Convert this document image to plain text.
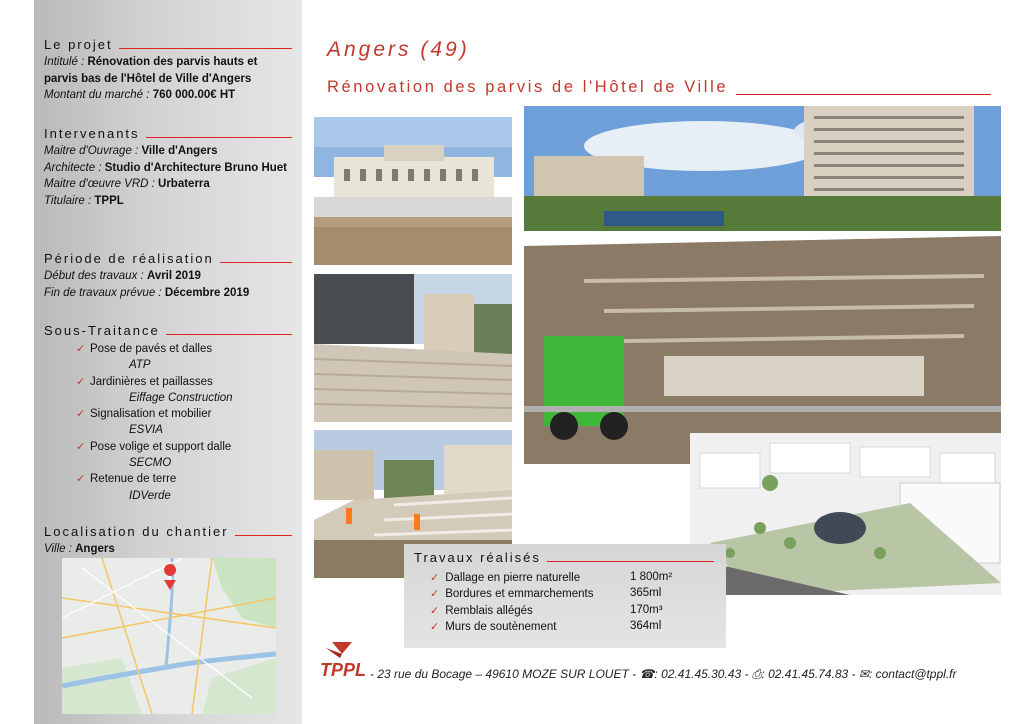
Le projet
Intitulé : Rénovation des parvis hauts et parvis bas de l'Hôtel de Ville d'Angers
Montant du marché : 760 000.00€ HT
Intervenants
Maitre d'Ouvrage : Ville d'Angers
Architecte : Studio d'Architecture Bruno Huet
Maitre d'œuvre VRD : Urbaterra
Titulaire : TPPL
Période de réalisation
Début des travaux : Avril 2019
Fin de travaux prévue : Décembre 2019
Sous-Traitance
✓ Pose de pavés et dalles
ATP
✓ Jardinières et paillasses
Eiffage Construction
✓ Signalisation et mobilier
ESVIA
✓ Pose volige et support dalle
SECMO
✓ Retenue de terre
IDVerde
Localisation du chantier
Ville : Angers
Angers (49)
Rénovation des parvis de l'Hôtel de Ville
Travaux réalisés
✓ Dallage en pierre naturelle	1 800m²
✓ Bordures et emmarchements	365ml
✓ Remblais allégés	170m³
✓ Murs de soutènement	364ml
TPPL - 23 rue du Bocage – 49610 MOZE SUR LOUET - ☎: 02.41.45.30.43 - ⎙: 02.41.45.74.83 - ✉: contact@tppl.fr
